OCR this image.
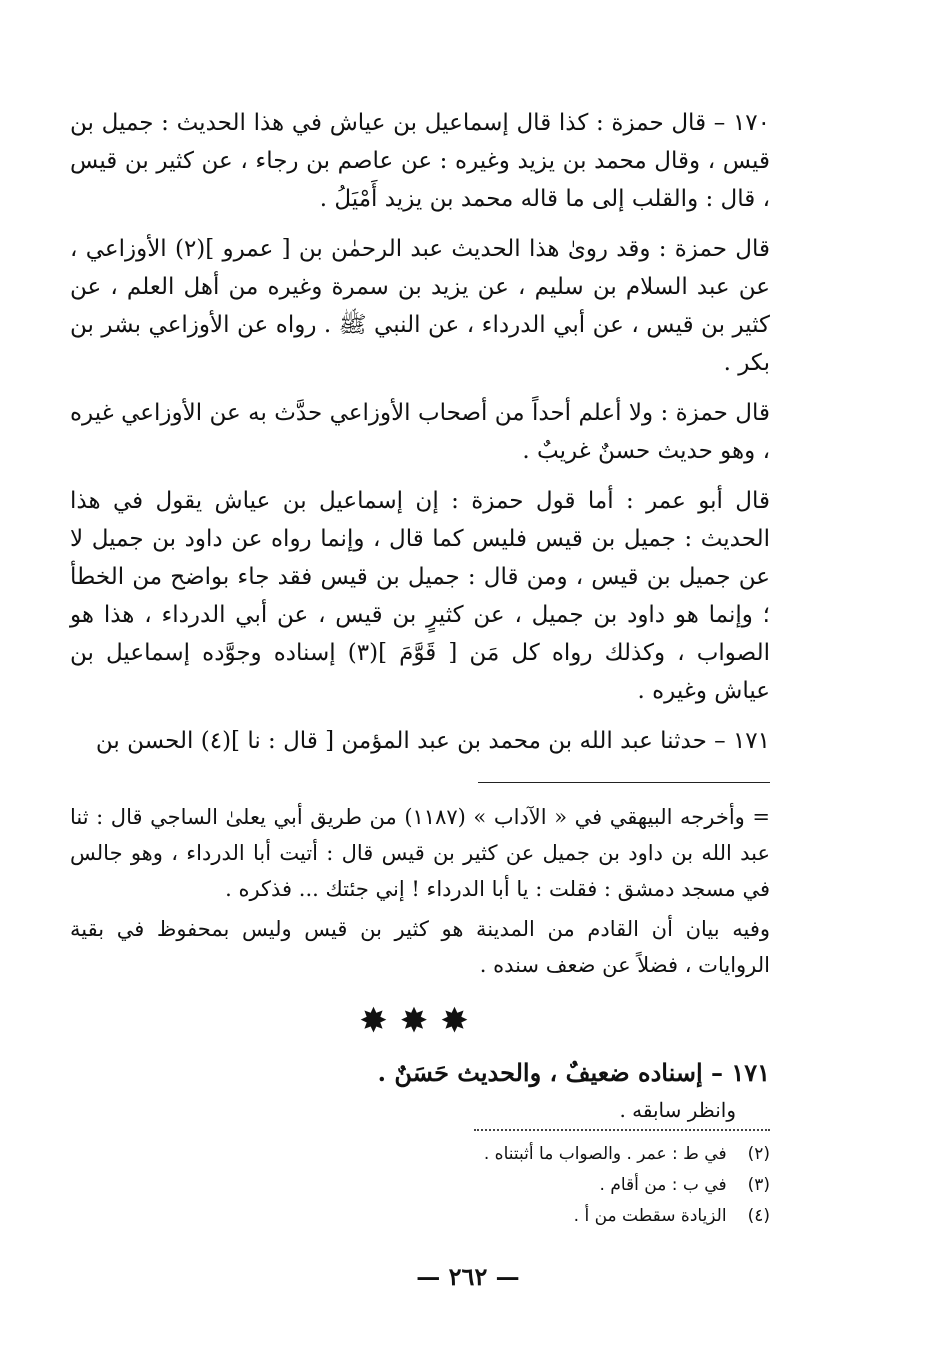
١٧٠ – قال حمزة : كذا قال إسماعيل بن عياش في هذا الحديث : جميل بن قيس ، وقال محمد بن يزيد وغيره : عن عاصم بن رجاء ، عن كثير بن قيس ، قال : والقلب إلى ما قاله محمد بن يزيد أَمْيَلُ .

قال حمزة : وقد روىٰ هذا الحديث عبد الرحمٰن بن [ عمرو ](٢) الأوزاعي ، عن عبد السلام بن سليم ، عن يزيد بن سمرة وغيره من أهل العلم ، عن كثير بن قيس ، عن أبي الدرداء ، عن النبي ﷺ . رواه عن الأوزاعي بشر بن بكر .

قال حمزة : ولا أعلم أحداً من أصحاب الأوزاعي حدَّث به عن الأوزاعي غيره ، وهو حديث حسنٌ غريبٌ .

قال أبو عمر : أما قول حمزة : إن إسماعيل بن عياش يقول في هذا الحديث : جميل بن قيس فليس كما قال ، وإنما رواه عن داود بن جميل لا عن جميل بن قيس ، ومن قال : جميل بن قيس فقد جاء بواضح من الخطأ ؛ وإنما هو داود بن جميل ، عن كثيرٍ بن قيس ، عن أبي الدرداء ، هذا هو الصواب ، وكذلك رواه كل مَن [ قَوَّمَ ](٣) إسناده وجوَّده إسماعيل بن عياش وغيره .

١٧١ – حدثنا عبد الله بن محمد بن عبد المؤمن [ قال : نا ](٤) الحسن بن

= وأخرجه البيهقي في « الآداب » (١١٨٧) من طريق أبي يعلىٰ الساجي قال : ثنا عبد الله بن داود بن جميل عن كثير بن قيس قال : أتيت أبا الدرداء ، وهو جالس في مسجد دمشق : فقلت : يا أبا الدرداء ! إني جئتك ... فذكره .

وفيه بيان أن القادم من المدينة هو كثير بن قيس وليس بمحفوظ في بقية الروايات ، فضلاً عن ضعف سنده .

✸✸✸

١٧١ – إسناده ضعيفٌ ، والحديث حَسَنٌ .

وانظر سابقه .

(٢) في ط : عمر . والصواب ما أثبتناه .

(٣) في ب : من أقام .

(٤) الزيادة سقطت من أ .

— ٢٦٢ —
